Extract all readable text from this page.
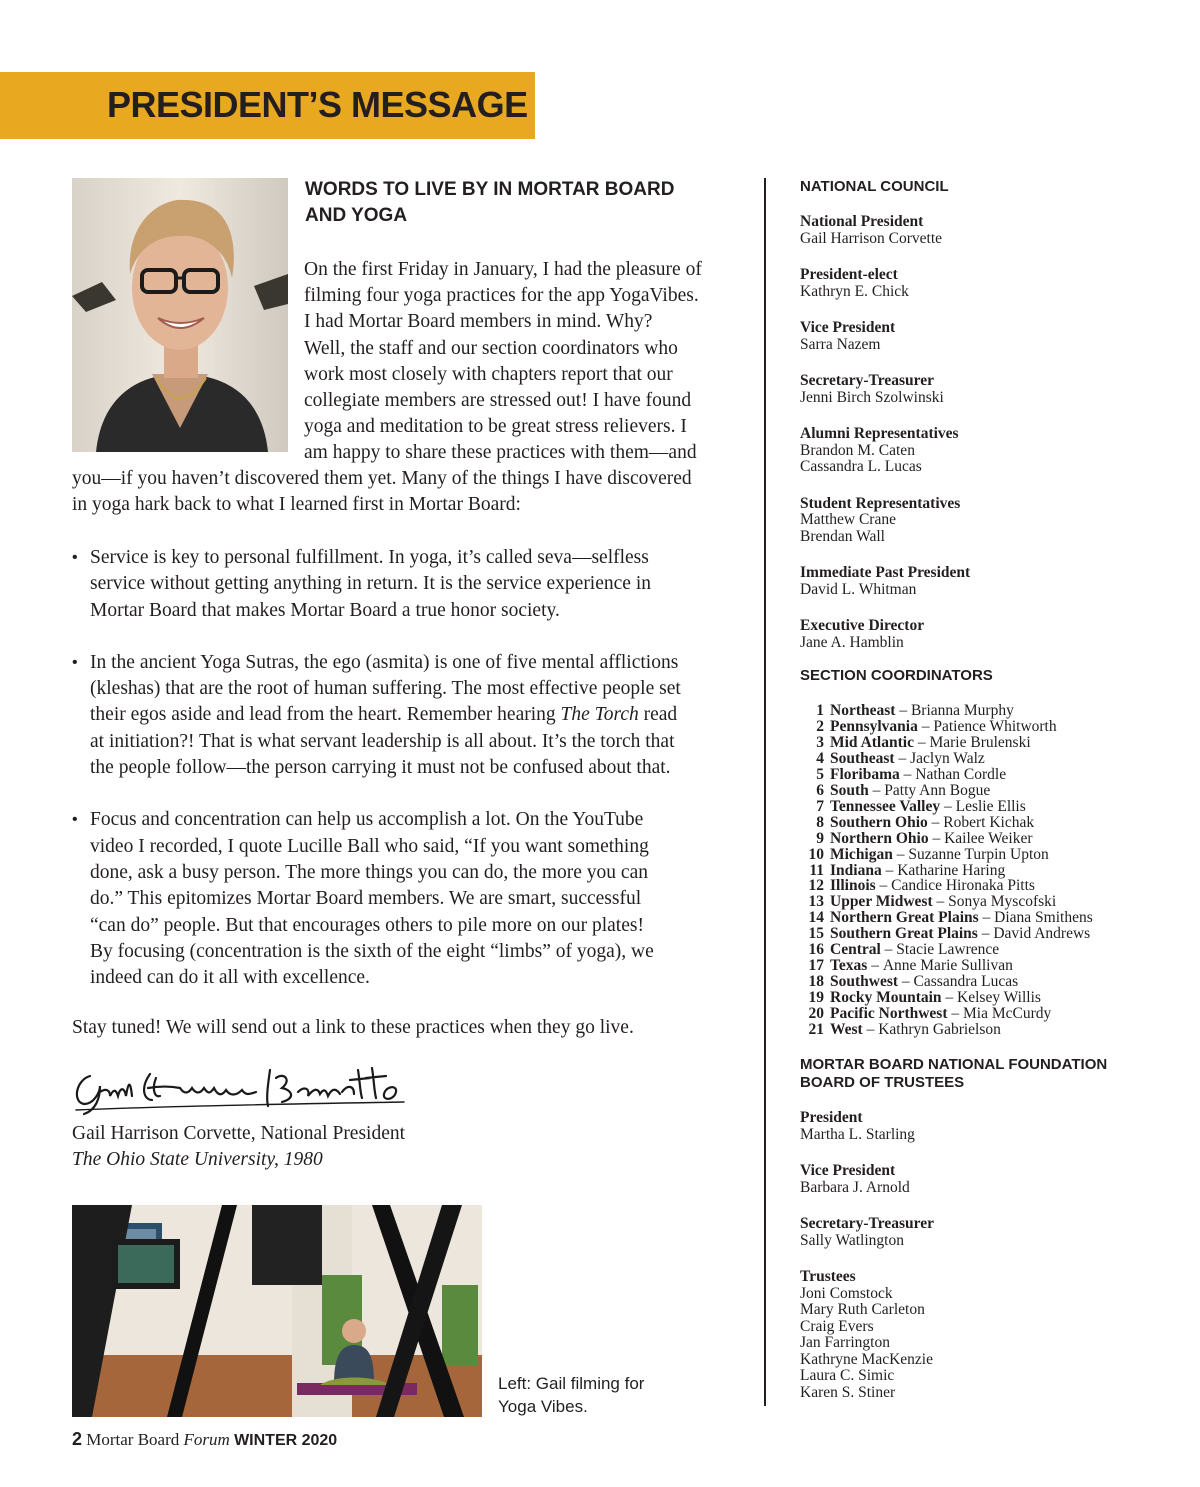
PRESIDENT’S MESSAGE
WORDS TO LIVE BY IN MORTAR BOARD
AND YOGA
On the first Friday in January, I had the pleasure of
filming four yoga practices for the app YogaVibes.
I had Mortar Board members in mind. Why?
Well, the staff and our section coordinators who
work most closely with chapters report that our
collegiate members are stressed out! I have found
yoga and meditation to be great stress relievers. I
am happy to share these practices with them—and
you—if you haven’t discovered them yet. Many of the things I have discovered
in yoga hark back to what I learned first in Mortar Board:
• Service is key to personal fulfillment. In yoga, it’s called seva—selfless
service without getting anything in return. It is the service experience in
Mortar Board that makes Mortar Board a true honor society.
• In the ancient Yoga Sutras, the ego (asmita) is one of five mental afflictions
(kleshas) that are the root of human suffering. The most effective people set
their egos aside and lead from the heart. Remember hearing The Torch read
at initiation?! That is what servant leadership is all about. It’s the torch that
the people follow—the person carrying it must not be confused about that.
• Focus and concentration can help us accomplish a lot. On the YouTube
video I recorded, I quote Lucille Ball who said, “If you want something
done, ask a busy person. The more things you can do, the more you can
do.” This epitomizes Mortar Board members. We are smart, successful
“can do” people. But that encourages others to pile more on our plates!
By focusing (concentration is the sixth of the eight “limbs” of yoga), we
indeed can do it all with excellence.
Stay tuned! We will send out a link to these practices when they go live.
Gail Harrison Corvette, National President
The Ohio State University, 1980
Left: Gail filming for
Yoga Vibes.
2 Mortar Board Forum WINTER 2020
NATIONAL COUNCIL
National President
Gail Harrison Corvette
President-elect
Kathryn E. Chick
Vice President
Sarra Nazem
Secretary-Treasurer
Jenni Birch Szolwinski
Alumni Representatives
Brandon M. Caten
Cassandra L. Lucas
Student Representatives
Matthew Crane
Brendan Wall
Immediate Past President
David L. Whitman
Executive Director
Jane A. Hamblin
SECTION COORDINATORS
1 Northeast – Brianna Murphy
2 Pennsylvania – Patience Whitworth
3 Mid Atlantic – Marie Brulenski
4 Southeast – Jaclyn Walz
5 Floribama – Nathan Cordle
6 South – Patty Ann Bogue
7 Tennessee Valley – Leslie Ellis
8 Southern Ohio – Robert Kichak
9 Northern Ohio – Kailee Weiker
10 Michigan – Suzanne Turpin Upton
11 Indiana – Katharine Haring
12 Illinois – Candice Hironaka Pitts
13 Upper Midwest – Sonya Myscofski
14 Northern Great Plains – Diana Smithens
15 Southern Great Plains – David Andrews
16 Central – Stacie Lawrence
17 Texas – Anne Marie Sullivan
18 Southwest – Cassandra Lucas
19 Rocky Mountain – Kelsey Willis
20 Pacific Northwest – Mia McCurdy
21 West – Kathryn Gabrielson
MORTAR BOARD NATIONAL FOUNDATION
BOARD OF TRUSTEES
President
Martha L. Starling
Vice President
Barbara J. Arnold
Secretary-Treasurer
Sally Watlington
Trustees
Joni Comstock
Mary Ruth Carleton
Craig Evers
Jan Farrington
Kathryne MacKenzie
Laura C. Simic
Karen S. Stiner
